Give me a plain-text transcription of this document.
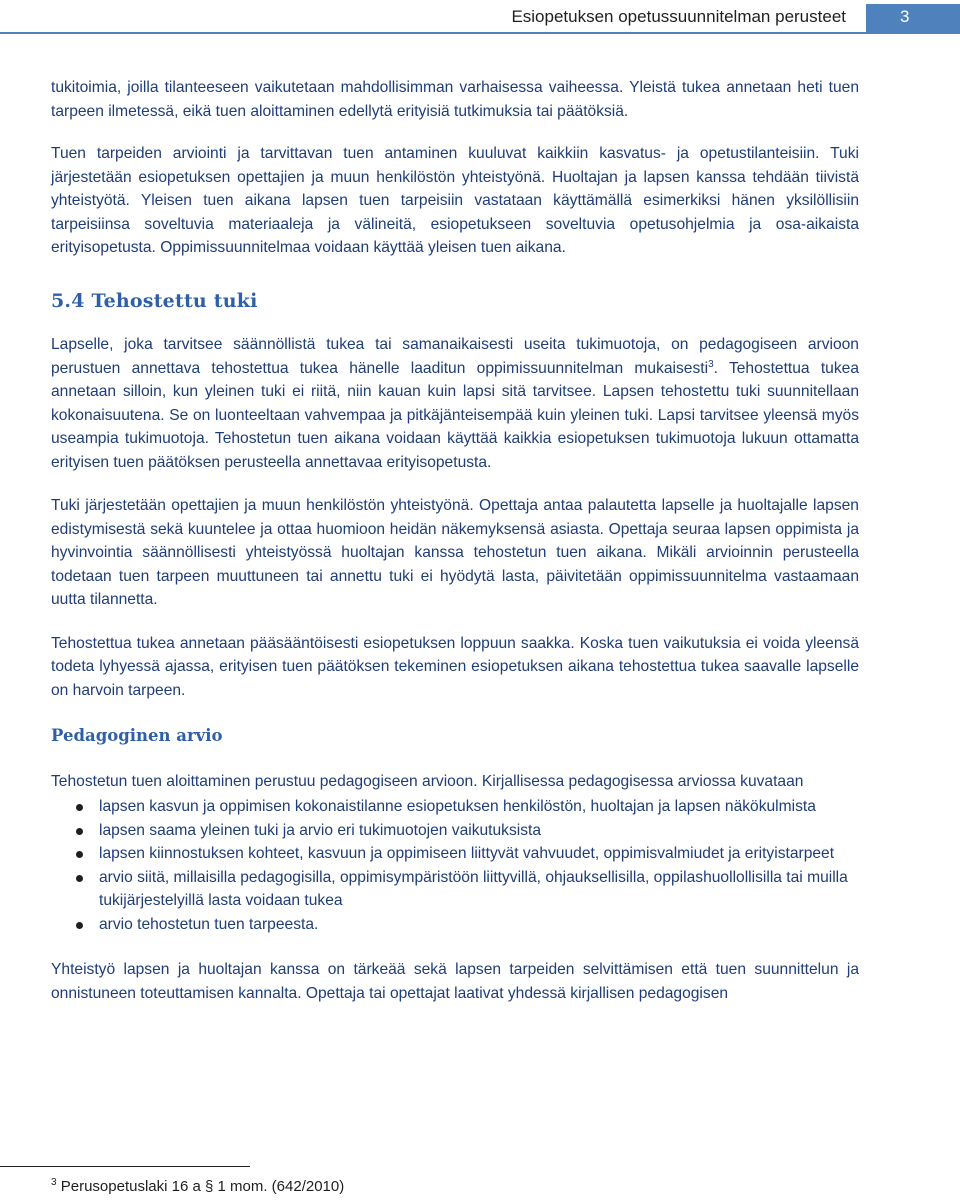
Esiopetuksen opetussuunnitelman perusteet	3

tukitoimia, joilla tilanteeseen vaikutetaan mahdollisimman varhaisessa vaiheessa. Yleistä tukea annetaan heti tuen tarpeen ilmetessä, eikä tuen aloittaminen edellytä erityisiä tutkimuksia tai päätöksiä.

Tuen tarpeiden arviointi ja tarvittavan tuen antaminen kuuluvat kaikkiin kasvatus- ja opetustilanteisiin. Tuki järjestetään esiopetuksen opettajien ja muun henkilöstön yhteistyönä. Huoltajan ja lapsen kanssa tehdään tiivistä yhteistyötä. Yleisen tuen aikana lapsen tuen tarpeisiin vastataan käyttämällä esimerkiksi hänen yksilöllisiin tarpeisiinsa soveltuvia materiaaleja ja välineitä, esiopetukseen soveltuvia opetusohjelmia ja osa-aikaista erityisopetusta. Oppimissuunnitelmaa voidaan käyttää yleisen tuen aikana.

5.4 Tehostettu tuki

Lapselle, joka tarvitsee säännöllistä tukea tai samanaikaisesti useita tukimuotoja, on pedagogiseen arvioon perustuen annettava tehostettua tukea hänelle laaditun oppimissuunnitelman mukaisesti$^3$. Tehostettua tukea annetaan silloin, kun yleinen tuki ei riitä, niin kauan kuin lapsi sitä tarvitsee. Lapsen tehostettu tuki suunnitellaan kokonaisuutena. Se on luonteeltaan vahvempaa ja pitkäjänteisempää kuin yleinen tuki. Lapsi tarvitsee yleensä myös useampia tukimuotoja. Tehostetun tuen aikana voidaan käyttää kaikkia esiopetuksen tukimuotoja lukuun ottamatta erityisen tuen päätöksen perusteella annettavaa erityisopetusta.

Tuki järjestetään opettajien ja muun henkilöstön yhteistyönä. Opettaja antaa palautetta lapselle ja huoltajalle lapsen edistymisestä sekä kuuntelee ja ottaa huomioon heidän näkemyksensä asiasta. Opettaja seuraa lapsen oppimista ja hyvinvointia säännöllisesti yhteistyössä huoltajan kanssa tehostetun tuen aikana. Mikäli arvioinnin perusteella todetaan tuen tarpeen muuttuneen tai annettu tuki ei hyödytä lasta, päivitetään oppimissuunnitelma vastaamaan uutta tilannetta.

Tehostettua tukea annetaan pääsääntöisesti esiopetuksen loppuun saakka. Koska tuen vaikutuksia ei voida yleensä todeta lyhyessä ajassa, erityisen tuen päätöksen tekeminen esiopetuksen aikana tehostettua tukea saavalle lapselle on harvoin tarpeen.

Pedagoginen arvio

Tehostetun tuen aloittaminen perustuu pedagogiseen arvioon. Kirjallisessa pedagogisessa arviossa kuvataan

lapsen kasvun ja oppimisen kokonaistilanne esiopetuksen henkilöstön, huoltajan ja lapsen näkökulmista
lapsen saama yleinen tuki ja arvio eri tukimuotojen vaikutuksista
lapsen kiinnostuksen kohteet, kasvuun ja oppimiseen liittyvät vahvuudet, oppimisvalmiudet ja erityistarpeet
arvio siitä, millaisilla pedagogisilla, oppimisympäristöön liittyvillä, ohjauksellisilla, oppilashuollollisilla tai muilla tukijärjestelyillä lasta voidaan tukea
arvio tehostetun tuen tarpeesta.

Yhteistyö lapsen ja huoltajan kanssa on tärkeää sekä lapsen tarpeiden selvittämisen että tuen suunnittelun ja onnistuneen toteuttamisen kannalta. Opettaja tai opettajat laativat yhdessä kirjallisen pedagogisen

$^3$ Perusopetuslaki 16 a § 1 mom. (642/2010)
